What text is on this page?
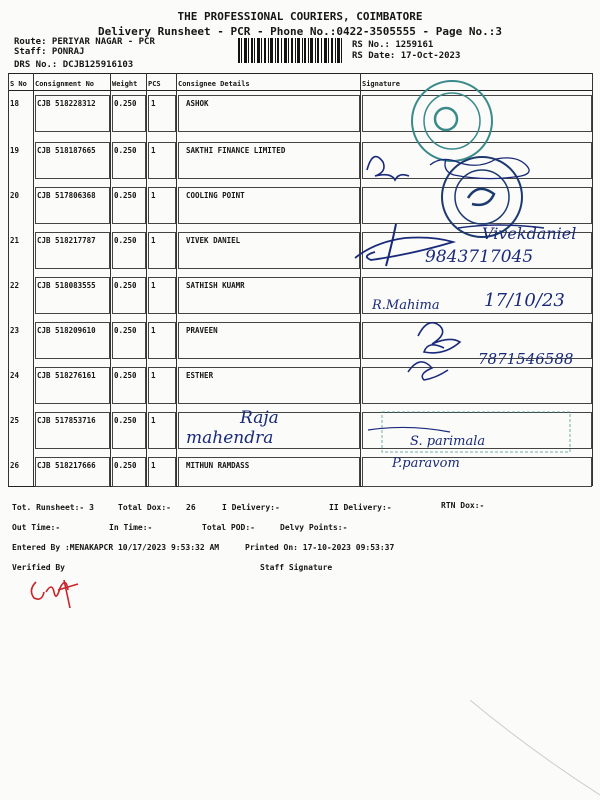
THE PROFESSIONAL COURIERS, COIMBATORE
Delivery Runsheet - PCR - Phone No.:0422-3505555 - Page No.:3
Route: PERIYAR NAGAR - PCR
Staff: PONRAJ
DRS No.: DCJB125916103
RS No.: 1259161
RS Date: 17-Oct-2023
S No Consignment No	Weight PCS Consignee Details	Signature
18 CJB 518228312 0.250 1	ASHOK
19 CJB 518187665 0.250 1	SAKTHI FINANCE LIMITED
20 CJB 517806368 0.250 1	COOLING POINT
21 CJB 518217787 0.250 1	VIVEK DANIEL
22 CJB 518083555 0.250 1	SATHISH KUAMR
23 CJB 518209610 0.250 1	PRAVEEN
24 CJB 518276161 0.250 1	ESTHER
25 CJB 517853716 0.250 1
26 CJB 518217666 0.250 1	MITHUN RAMDASS
9843717045
Vivekdaniel
R.Mahima 17/10/23
7871546588
Raja
mahendra	S. parimala
P.paravom
Tot. Runsheet:- 3	Total Dox:- 26	I Delivery:-	II Delivery:-	RTN Dox:-
Out Time:-	In Time:-	Total POD:-	Delvy Points:-
Entered By :MENAKAPCR 10/17/2023 9:53:32 AM	Printed On: 17-10-2023 09:53:37
Verified By	Staff Signature
